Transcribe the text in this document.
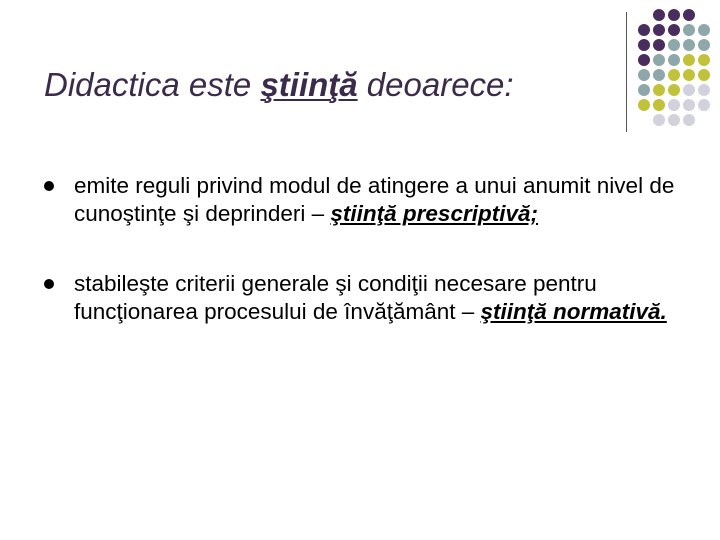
Didactica este ştiinţă deoarece:
emite reguli privind modul de atingere a unui anumit nivel de cunoştinţe şi deprinderi – ştiinţă prescriptivă;
stabileşte criterii generale şi condiţii necesare pentru funcţionarea procesului de învăţământ – ştiinţă normativă.
